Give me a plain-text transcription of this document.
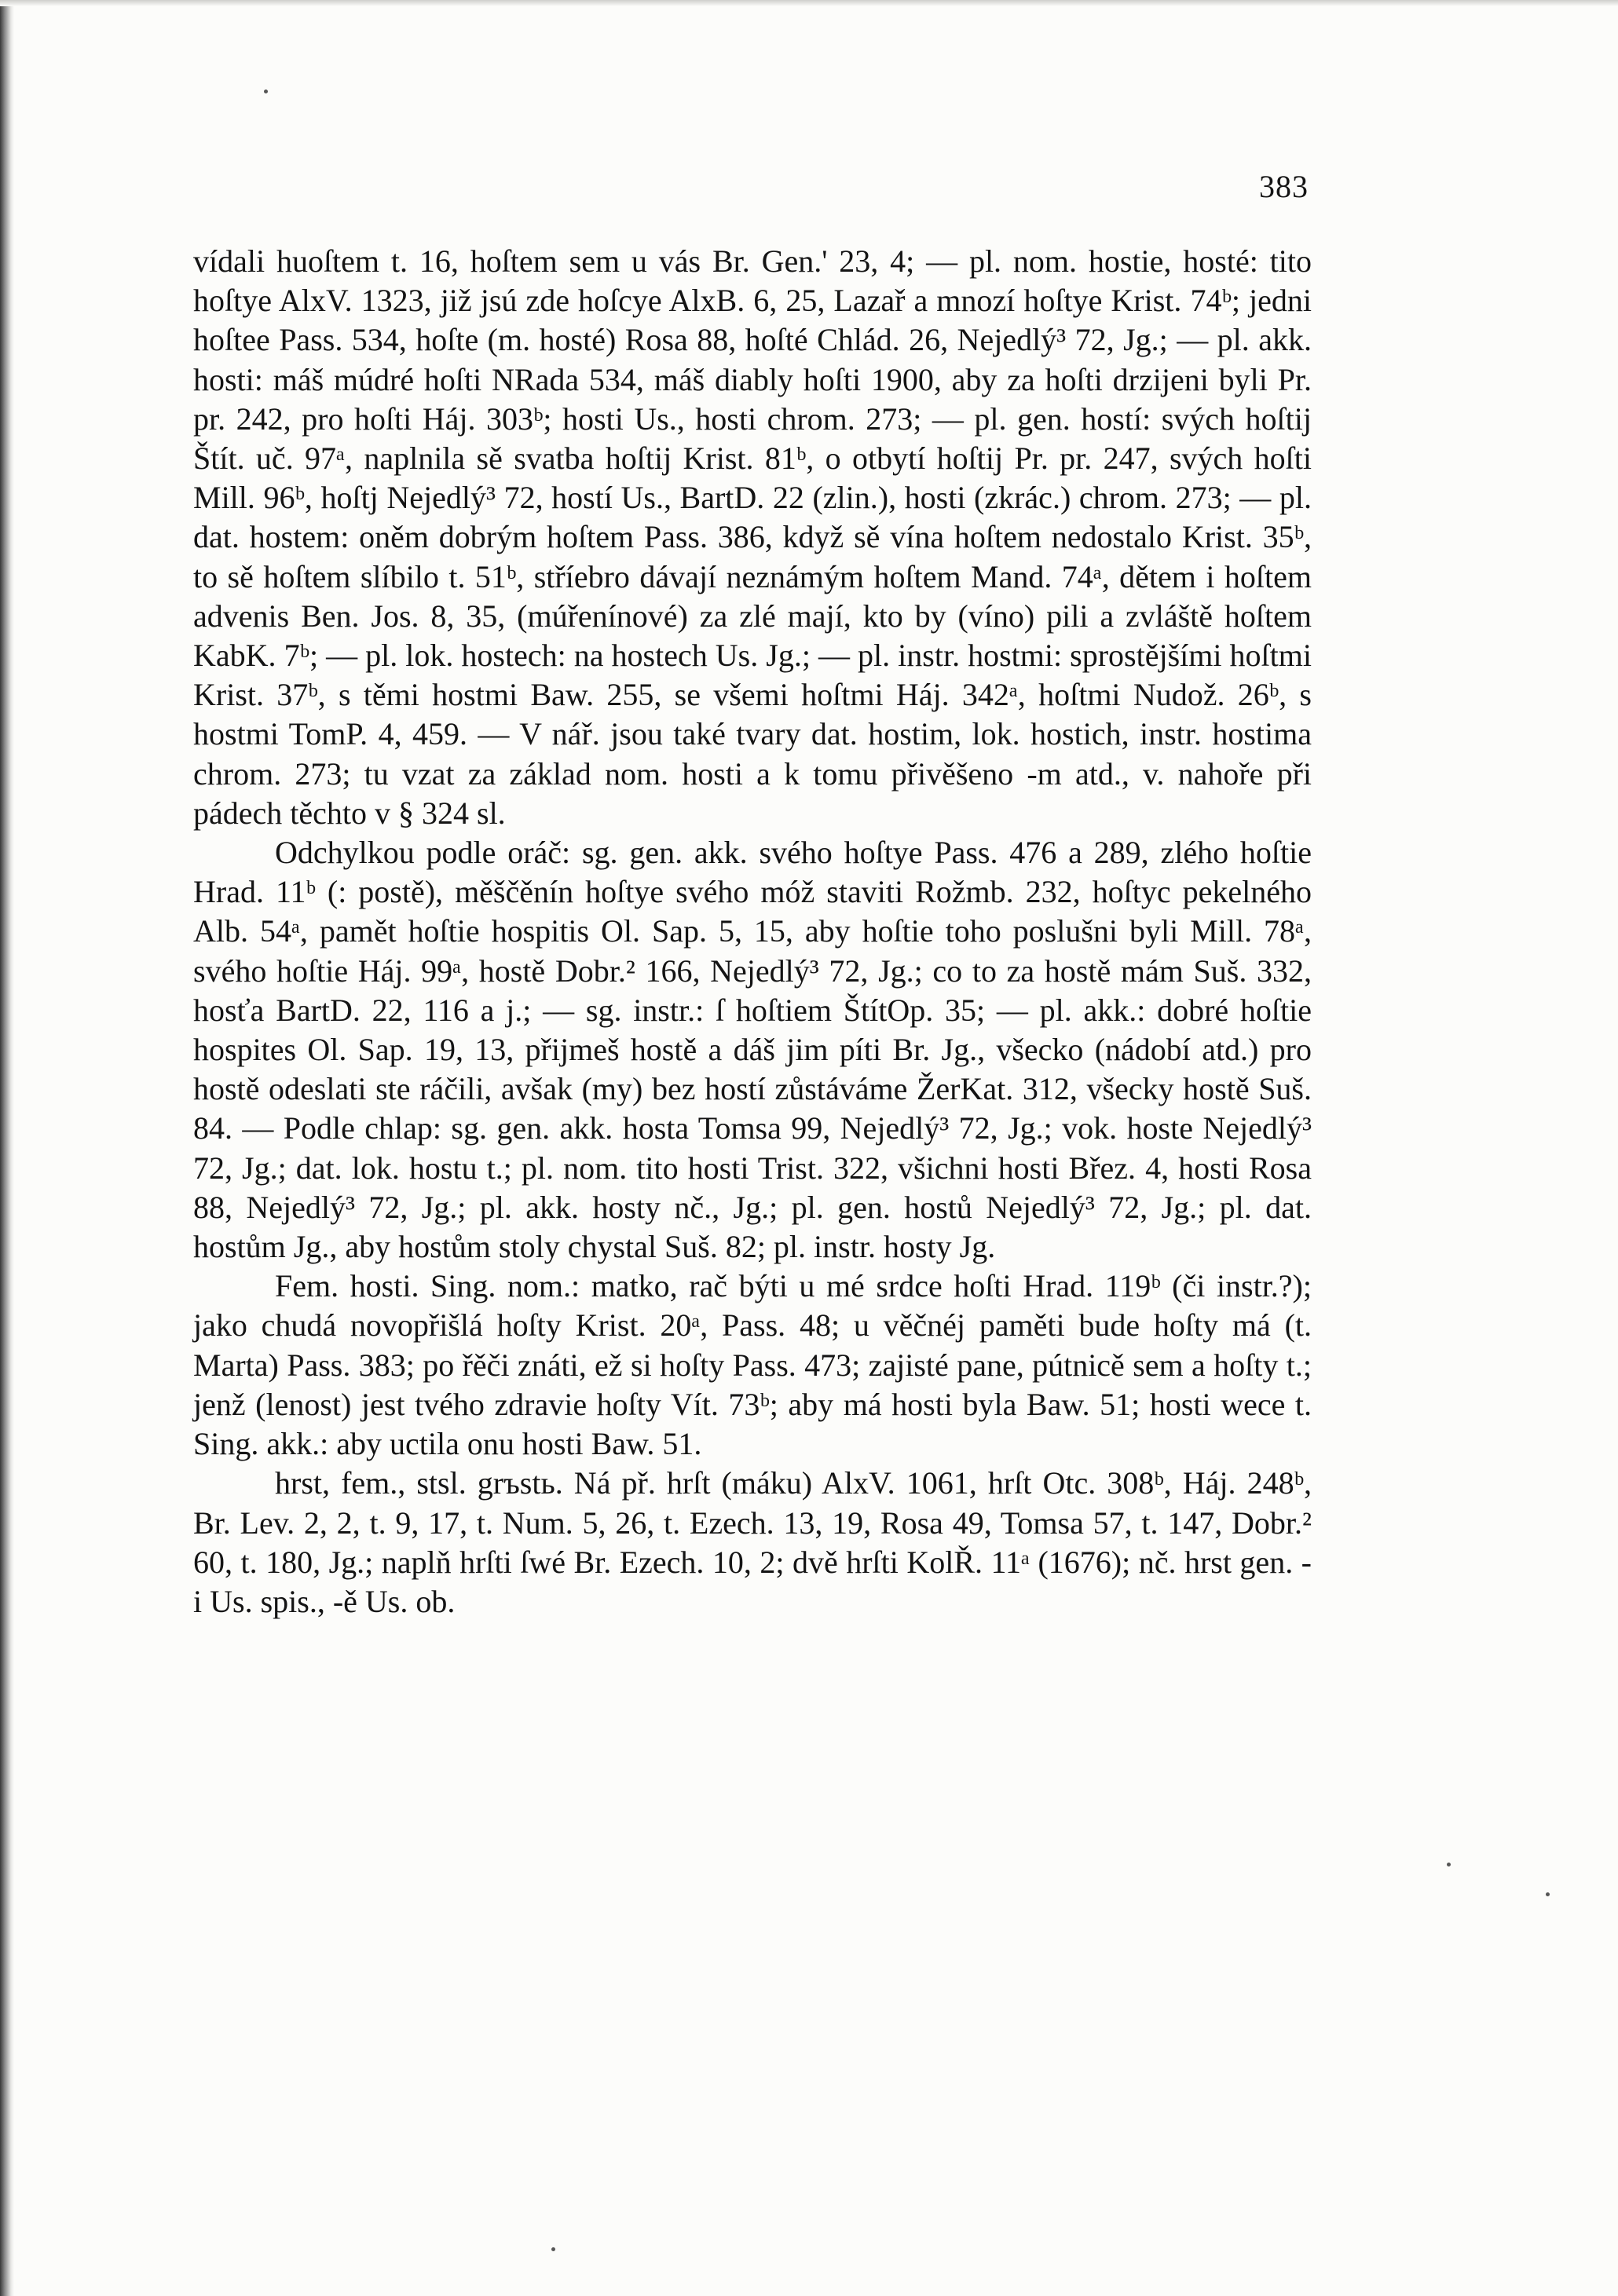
383

vídali huoſtem t. 16, hoſtem sem u vás Br. Gen.' 23, 4; — pl. nom. hostie, hosté: tito hoſtye AlxV. 1323, již jsú zde hoſcye AlxB. 6, 25, Lazař a mnozí hoſtye Krist. 74ᵇ; jedni hoſtee Pass. 534, hoſte (m. hosté) Rosa 88, hoſté Chlád. 26, Nejedlý³ 72, Jg.; — pl. akk. hosti: máš múdré hoſti NRada 534, máš diably hoſti 1900, aby za hoſti drzijeni byli Pr. pr. 242, pro hoſti Háj. 303ᵇ; hosti Us., hosti chrom. 273; — pl. gen. hostí: svých hoſtij Štít. uč. 97ᵃ, naplnila sě svatba hoſtij Krist. 81ᵇ, o otbytí hoſtij Pr. pr. 247, svých hoſti Mill. 96ᵇ, hoſtj Nejedlý³ 72, hostí Us., BartD. 22 (zlin.), hosti (zkrác.) chrom. 273; — pl. dat. hostem: oněm dobrým hoſtem Pass. 386, když sě vína hoſtem nedostalo Krist. 35ᵇ, to sě hoſtem slíbilo t. 51ᵇ, stříebro dávají neznámým hoſtem Mand. 74ᵃ, dětem i hoſtem advenis Ben. Jos. 8, 35, (múřenínové) za zlé mají, kto by (víno) pili a zvláště hoſtem KabK. 7ᵇ; — pl. lok. hostech: na hostech Us. Jg.; — pl. instr. hostmi: sprostějšími hoſtmi Krist. 37ᵇ, s těmi hostmi Baw. 255, se všemi hoſtmi Háj. 342ᵃ, hoſtmi Nudož. 26ᵇ, s hostmi TomP. 4, 459. — V nář. jsou také tvary dat. hostim, lok. hostich, instr. hostima chrom. 273; tu vzat za základ nom. hosti a k tomu přivěšeno -m atd., v. nahoře při pádech těchto v § 324 sl.

Odchylkou podle oráč: sg. gen. akk. svého hoſtye Pass. 476 a 289, zlého hoſtie Hrad. 11ᵇ (: postě), měščěnín hoſtye svého móž staviti Rožmb. 232, hoſtyc pekelného Alb. 54ᵃ, pamět hoſtie hospitis Ol. Sap. 5, 15, aby hoſtie toho poslušni byli Mill. 78ᵃ, svého hoſtie Háj. 99ᵃ, hostě Dobr.² 166, Nejedlý³ 72, Jg.; co to za hostě mám Suš. 332, hosťa BartD. 22, 116 a j.; — sg. instr.: ſ hoſtiem ŠtítOp. 35; — pl. akk.: dobré hoſtie hospites Ol. Sap. 19, 13, přijmeš hostě a dáš jim píti Br. Jg., všecko (nádobí atd.) pro hostě odeslati ste ráčili, avšak (my) bez hostí zůstáváme ŽerKat. 312, všecky hostě Suš. 84. — Podle chlap: sg. gen. akk. hosta Tomsa 99, Nejedlý³ 72, Jg.; vok. hoste Nejedlý³ 72, Jg.; dat. lok. hostu t.; pl. nom. tito hosti Trist. 322, všichni hosti Břez. 4, hosti Rosa 88, Nejedlý³ 72, Jg.; pl. akk. hosty nč., Jg.; pl. gen. hostů Nejedlý³ 72, Jg.; pl. dat. hostům Jg., aby hostům stoly chystal Suš. 82; pl. instr. hosty Jg.

Fem. hosti. Sing. nom.: matko, rač býti u mé srdce hoſti Hrad. 119ᵇ (či instr.?); jako chudá novopřišlá hoſty Krist. 20ᵃ, Pass. 48; u věčnéj paměti bude hoſty má (t. Marta) Pass. 383; po řěči znáti, ež si hoſty Pass. 473; zajisté pane, pútnicě sem a hoſty t.; jenž (lenost) jest tvého zdravie hoſty Vít. 73ᵇ; aby má hosti byla Baw. 51; hosti wece t. Sing. akk.: aby uctila onu hosti Baw. 51.

hrst, fem., stsl. grъstь. Ná př. hrſt (máku) AlxV. 1061, hrſt Otc. 308ᵇ, Háj. 248ᵇ, Br. Lev. 2, 2, t. 9, 17, t. Num. 5, 26, t. Ezech. 13, 19, Rosa 49, Tomsa 57, t. 147, Dobr.² 60, t. 180, Jg.; naplň hrſti ſwé Br. Ezech. 10, 2; dvě hrſti KolŘ. 11ᵃ (1676); nč. hrst gen. -i Us. spis., -ě Us. ob.
